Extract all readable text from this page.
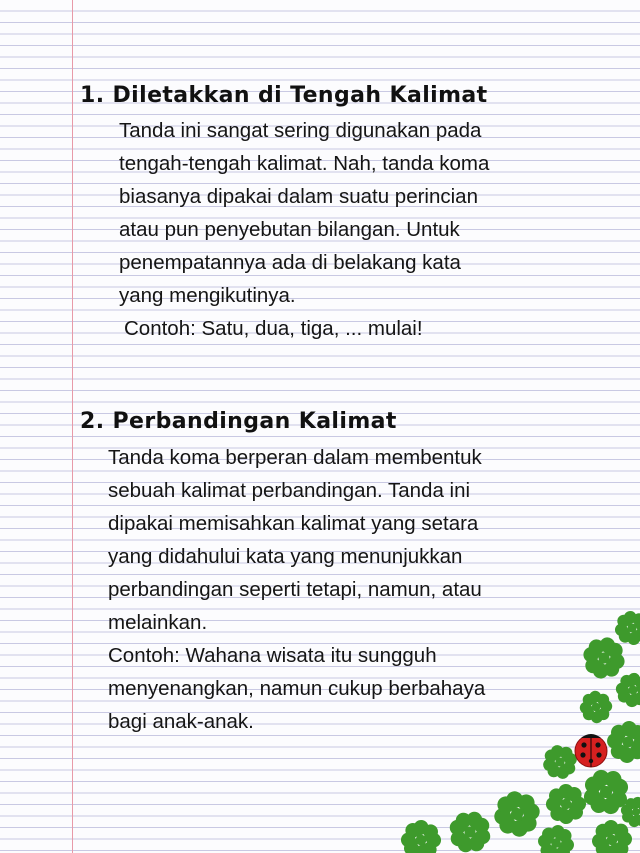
1. Diletakkan di Tengah Kalimat
Tanda ini sangat sering digunakan pada
tengah-tengah kalimat. Nah, tanda koma
biasanya dipakai dalam suatu perincian
atau pun penyebutan bilangan. Untuk
penempatannya ada di belakang kata
yang mengikutinya.
Contoh: Satu, dua, tiga, ... mulai!
2. Perbandingan Kalimat
Tanda koma berperan dalam membentuk
sebuah kalimat perbandingan. Tanda ini
dipakai memisahkan kalimat yang setara
yang didahului kata yang menunjukkan
perbandingan seperti tetapi, namun, atau
melainkan.
Contoh: Wahana wisata itu sungguh
menyenangkan, namun cukup berbahaya
bagi anak-anak.
